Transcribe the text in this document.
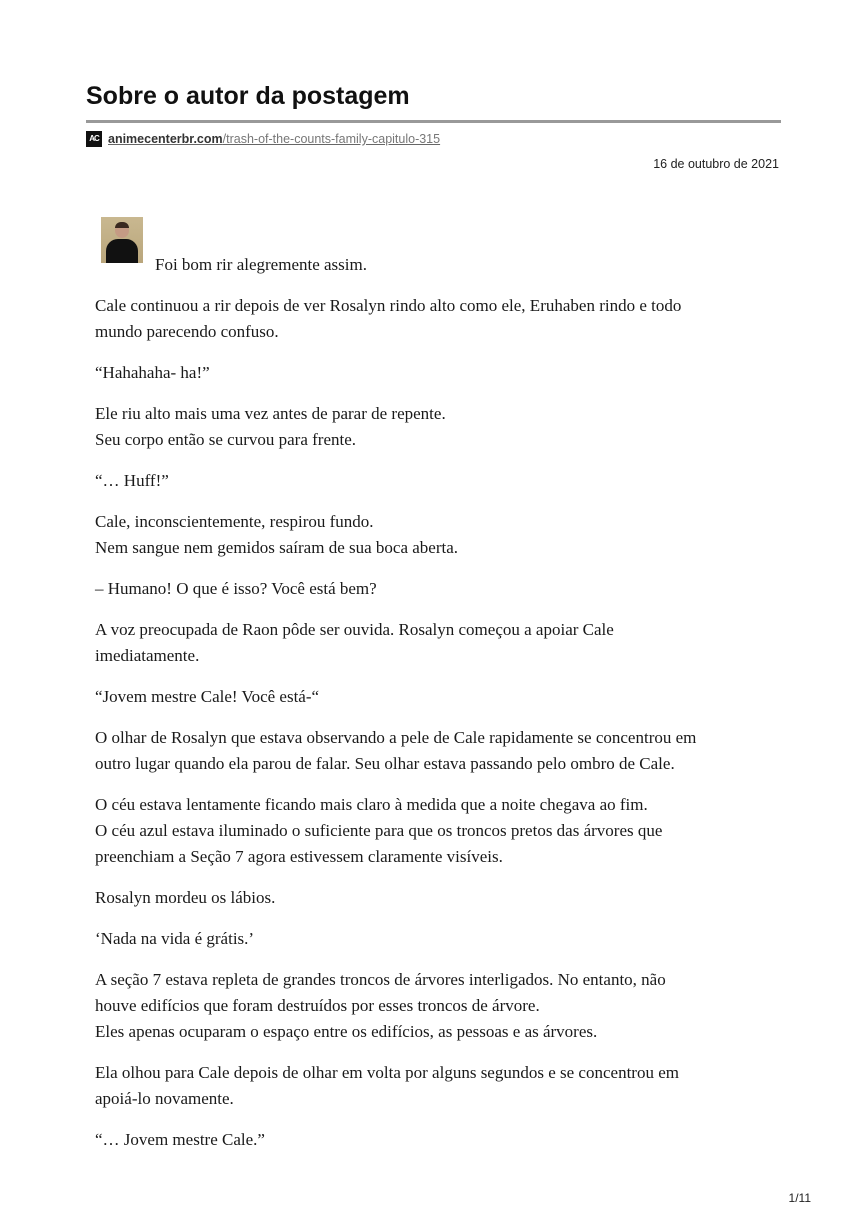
Sobre o autor da postagem
AC animecenterbr.com/trash-of-the-counts-family-capitulo-315
16 de outubro de 2021

Foi bom rir alegremente assim.

Cale continuou a rir depois de ver Rosalyn rindo alto como ele, Eruhaben rindo e todo
mundo parecendo confuso.

“Hahahaha- ha!”

Ele riu alto mais uma vez antes de parar de repente.
Seu corpo então se curvou para frente.

“… Huff!”

Cale, inconscientemente, respirou fundo.
Nem sangue nem gemidos saíram de sua boca aberta.

– Humano! O que é isso? Você está bem?

A voz preocupada de Raon pôde ser ouvida. Rosalyn começou a apoiar Cale
imediatamente.

“Jovem mestre Cale! Você está-“

O olhar de Rosalyn que estava observando a pele de Cale rapidamente se concentrou em
outro lugar quando ela parou de falar. Seu olhar estava passando pelo ombro de Cale.

O céu estava lentamente ficando mais claro à medida que a noite chegava ao fim.
O céu azul estava iluminado o suficiente para que os troncos pretos das árvores que
preenchiam a Seção 7 agora estivessem claramente visíveis.

Rosalyn mordeu os lábios.

‘Nada na vida é grátis.’

A seção 7 estava repleta de grandes troncos de árvores interligados. No entanto, não
houve edifícios que foram destruídos por esses troncos de árvore.
Eles apenas ocuparam o espaço entre os edifícios, as pessoas e as árvores.

Ela olhou para Cale depois de olhar em volta por alguns segundos e se concentrou em
apoiá-lo novamente.

“… Jovem mestre Cale.”

1/11
